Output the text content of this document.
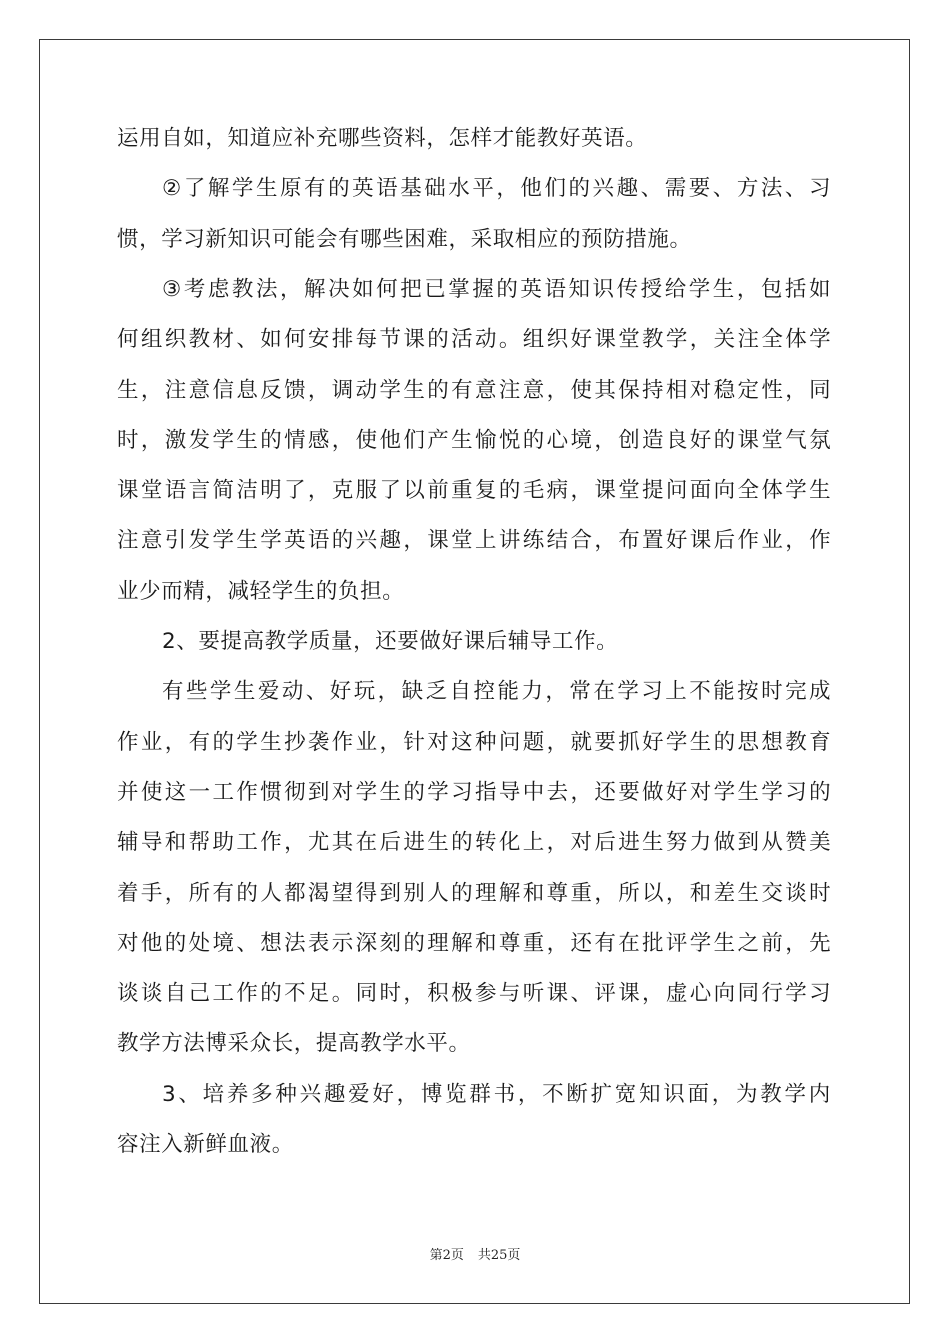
运用自如，知道应补充哪些资料，怎样才能教好英语。
②了解学生原有的英语基础水平，他们的兴趣、需要、方法、习
惯，学习新知识可能会有哪些困难，采取相应的预防措施。
③考虑教法，解决如何把已掌握的英语知识传授给学生，包括如
何组织教材、如何安排每节课的活动。组织好课堂教学，关注全体学
生，注意信息反馈，调动学生的有意注意，使其保持相对稳定性，同
时，激发学生的情感，使他们产生愉悦的心境，创造良好的课堂气氛
课堂语言简洁明了，克服了以前重复的毛病，课堂提问面向全体学生
注意引发学生学英语的兴趣，课堂上讲练结合，布置好课后作业，作
业少而精，减轻学生的负担。
2、要提高教学质量，还要做好课后辅导工作。
有些学生爱动、好玩，缺乏自控能力，常在学习上不能按时完成
作业，有的学生抄袭作业，针对这种问题，就要抓好学生的思想教育
并使这一工作惯彻到对学生的学习指导中去，还要做好对学生学习的
辅导和帮助工作，尤其在后进生的转化上，对后进生努力做到从赞美
着手，所有的人都渴望得到别人的理解和尊重，所以，和差生交谈时
对他的处境、想法表示深刻的理解和尊重，还有在批评学生之前，先
谈谈自己工作的不足。同时，积极参与听课、评课，虚心向同行学习
教学方法博采众长，提高教学水平。
3、培养多种兴趣爱好，博览群书，不断扩宽知识面，为教学内
容注入新鲜血液。
第2页 共25页
